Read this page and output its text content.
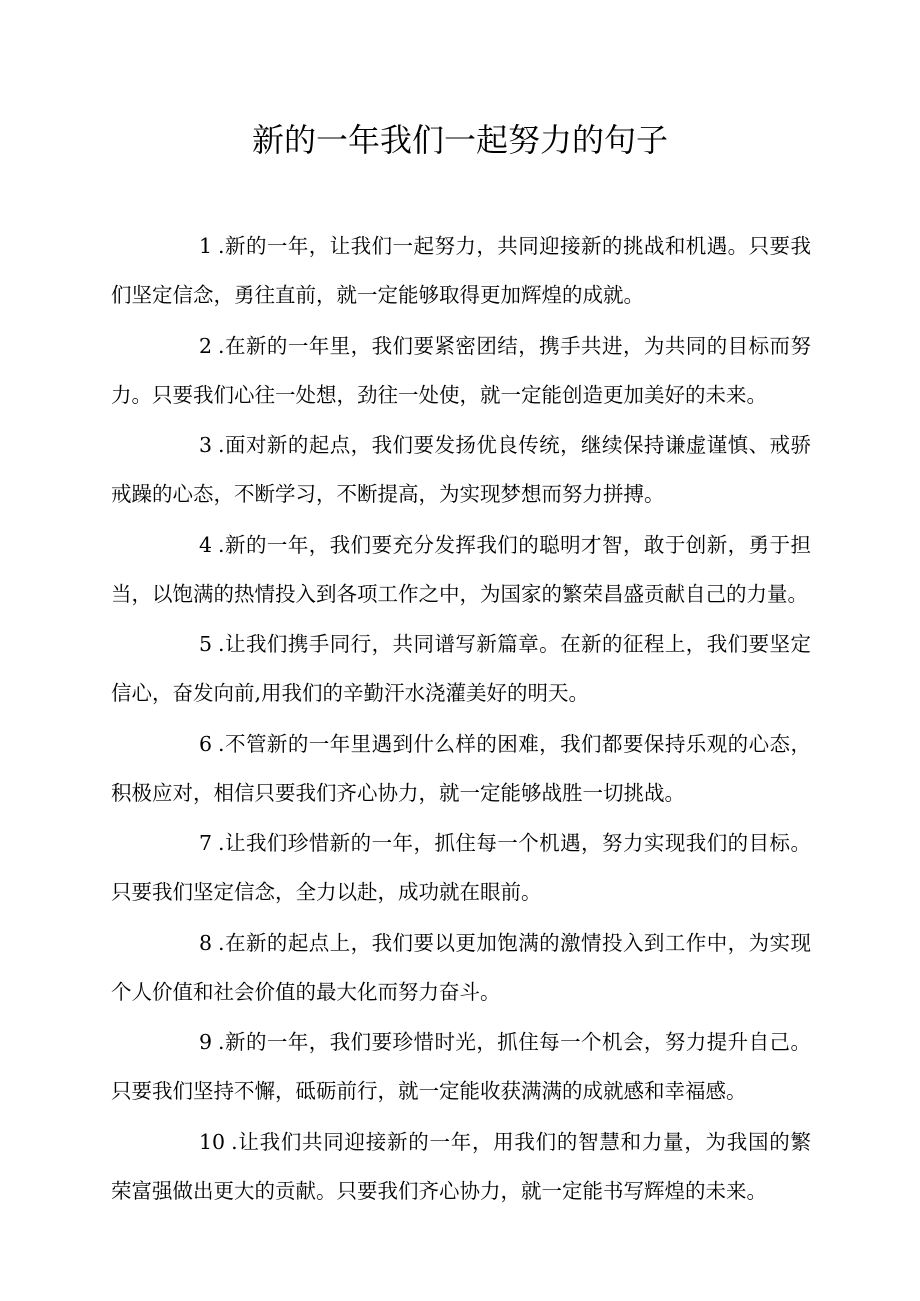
新的一年我们一起努力的句子

1 .新的一年，让我们一起努力，共同迎接新的挑战和机遇。只要我们坚定信念，勇往直前，就一定能够取得更加辉煌的成就。

2 .在新的一年里，我们要紧密团结，携手共进，为共同的目标而努力。只要我们心往一处想，劲往一处使，就一定能创造更加美好的未来。

3 .面对新的起点，我们要发扬优良传统，继续保持谦虚谨慎、戒骄戒躁的心态，不断学习，不断提高，为实现梦想而努力拼搏。

4 .新的一年，我们要充分发挥我们的聪明才智，敢于创新，勇于担当，以饱满的热情投入到各项工作之中，为国家的繁荣昌盛贡献自己的力量。

5 .让我们携手同行，共同谱写新篇章。在新的征程上，我们要坚定信心，奋发向前,用我们的辛勤汗水浇灌美好的明天。

6 .不管新的一年里遇到什么样的困难，我们都要保持乐观的心态，积极应对，相信只要我们齐心协力，就一定能够战胜一切挑战。

7 .让我们珍惜新的一年，抓住每一个机遇，努力实现我们的目标。只要我们坚定信念，全力以赴，成功就在眼前。

8 .在新的起点上，我们要以更加饱满的激情投入到工作中，为实现个人价值和社会价值的最大化而努力奋斗。

9 .新的一年，我们要珍惜时光，抓住每一个机会，努力提升自己。只要我们坚持不懈，砥砺前行，就一定能收获满满的成就感和幸福感。

10 .让我们共同迎接新的一年，用我们的智慧和力量，为我国的繁荣富强做出更大的贡献。只要我们齐心协力，就一定能书写辉煌的未来。
